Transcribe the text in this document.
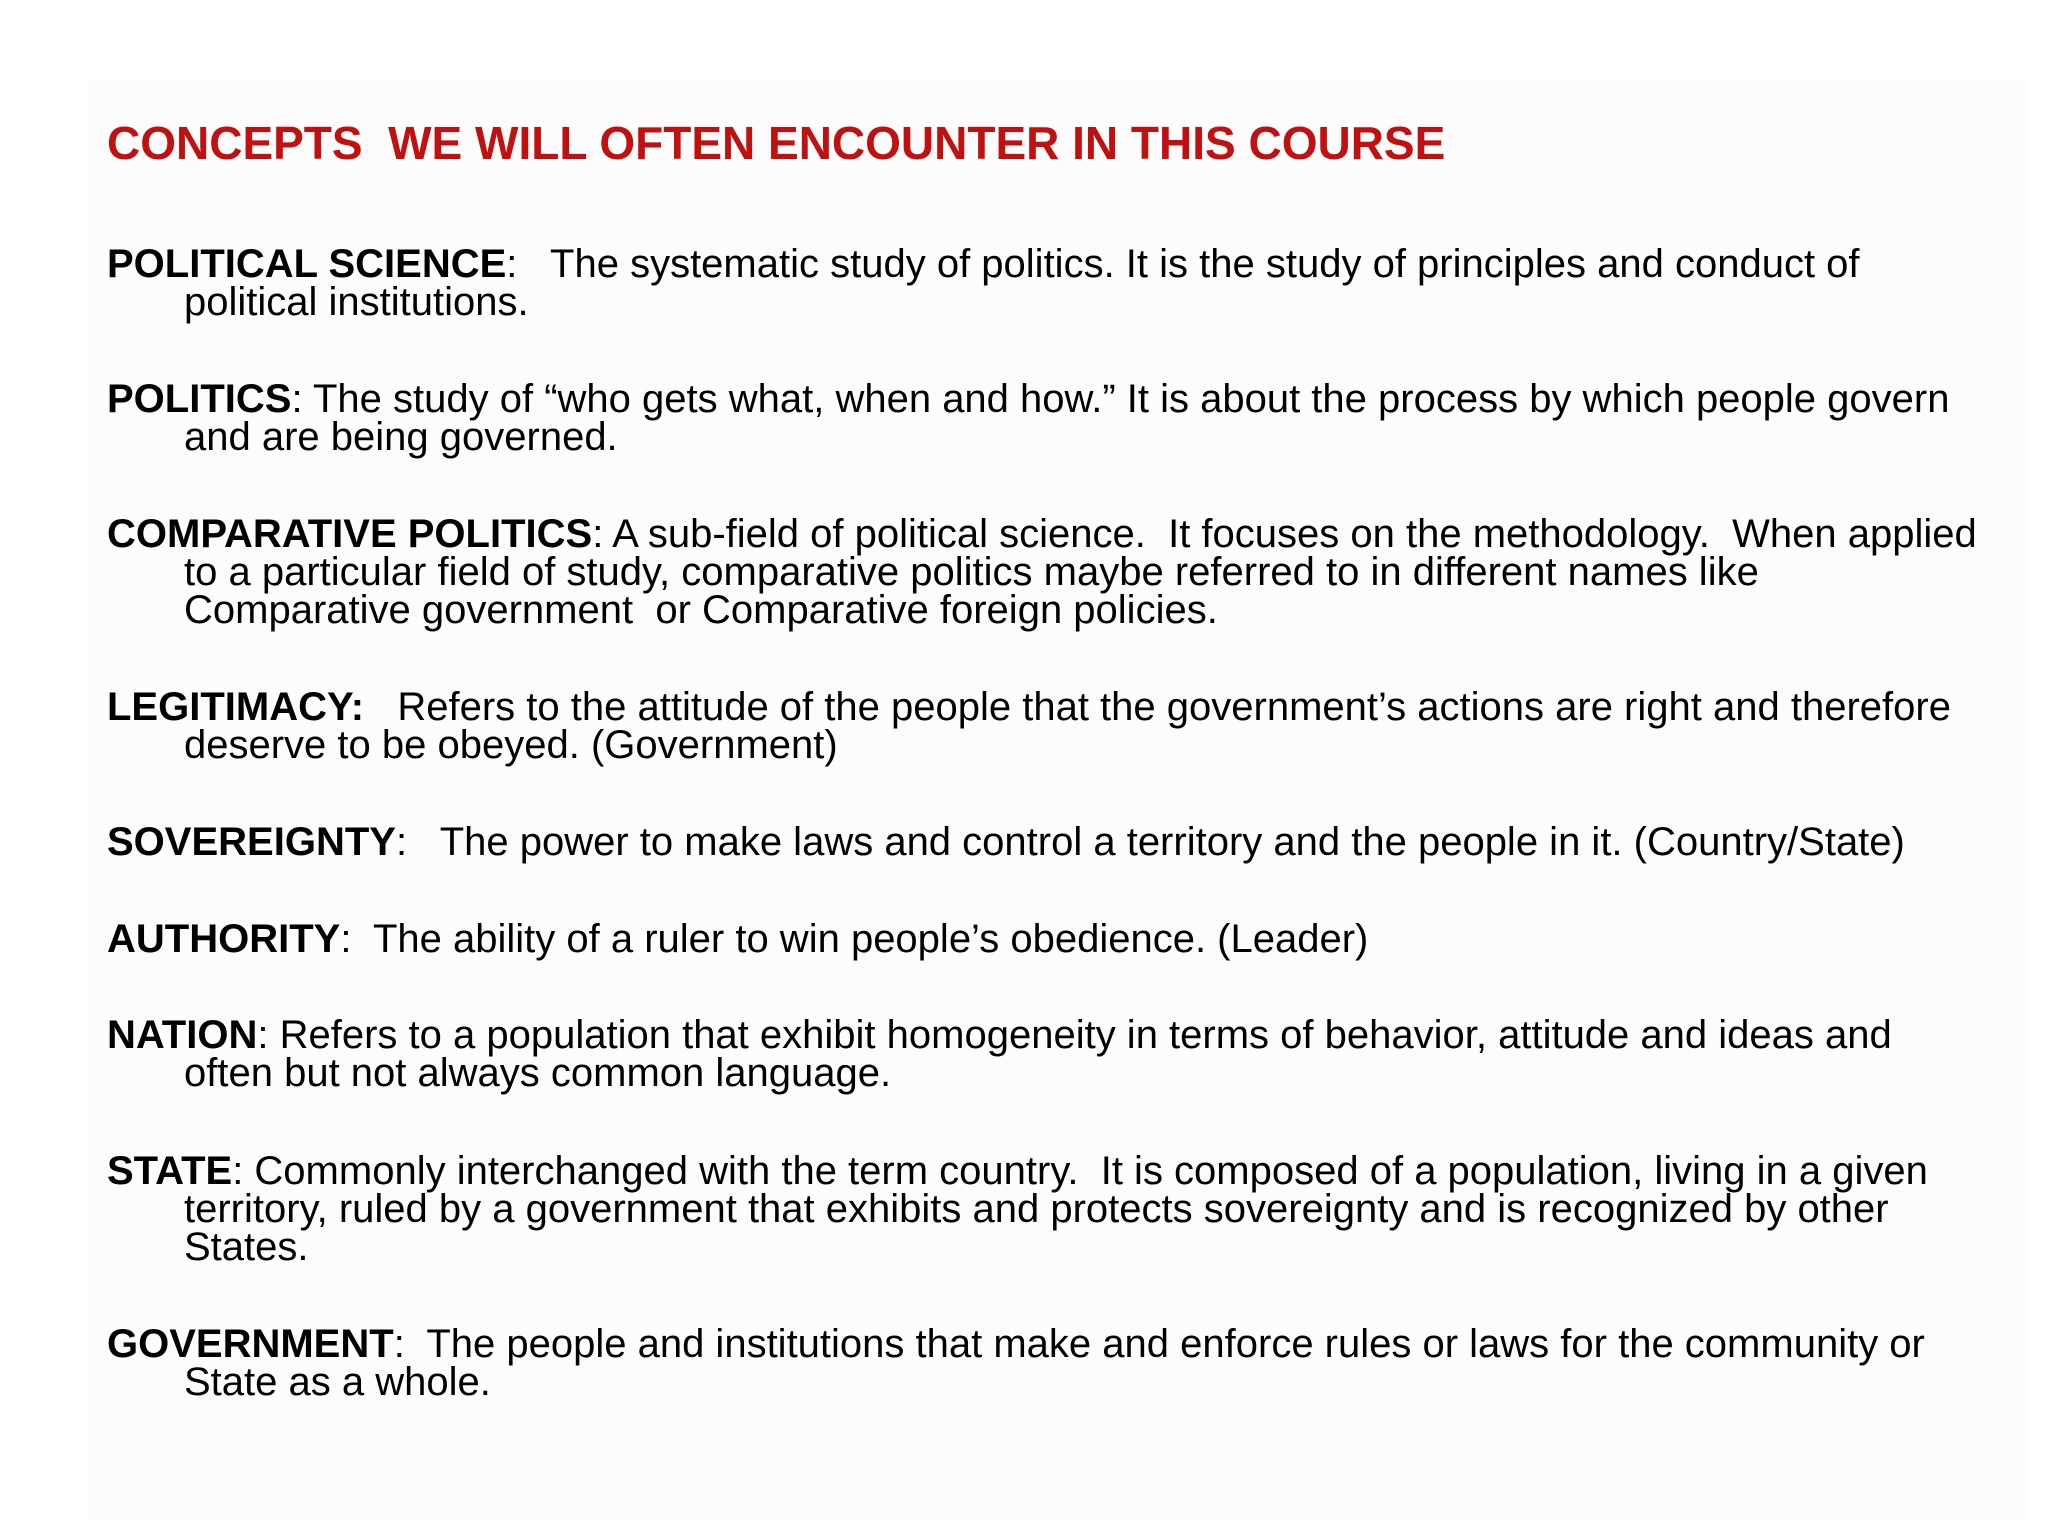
CONCEPTS  WE WILL OFTEN ENCOUNTER IN THIS COURSE

POLITICAL SCIENCE:   The systematic study of politics. It is the study of principles and conduct of political institutions.

POLITICS: The study of “who gets what, when and how.” It is about the process by which people govern and are being governed.

COMPARATIVE POLITICS: A sub-field of political science.  It focuses on the methodology.  When applied to a particular field of study, comparative politics maybe referred to in different names like Comparative government  or Comparative foreign policies.

LEGITIMACY: Refers to the attitude of the people that the government’s actions are right and therefore deserve to be obeyed. (Government)

SOVEREIGNTY:   The power to make laws and control a territory and the people in it. (Country/State)

AUTHORITY:  The ability of a ruler to win people’s obedience. (Leader)

NATION: Refers to a population that exhibit homogeneity in terms of behavior, attitude and ideas and often but not always common language.

STATE: Commonly interchanged with the term country.  It is composed of a population, living in a given territory, ruled by a government that exhibits and protects sovereignty and is recognized by other States.

GOVERNMENT:  The people and institutions that make and enforce rules or laws for the community or State as a whole.
